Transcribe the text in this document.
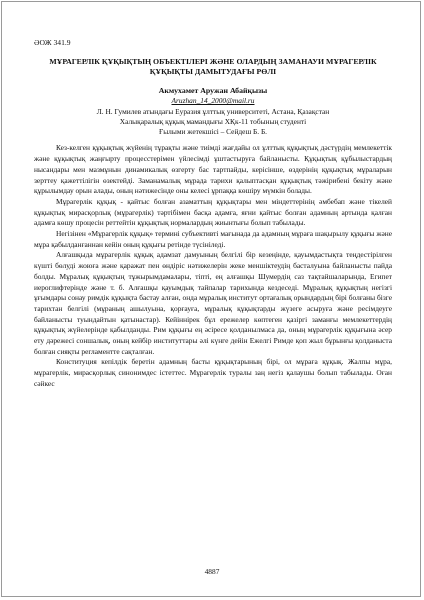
ӘОЖ 341.9
МҰРАГЕРЛІК ҚҰҚЫҚТЫҢ ОБЪЕКТІЛЕРІ ЖӘНЕ ОЛАРДЫҢ ЗАМАНАУИ МҰРАГЕРЛІК ҚҰҚЫҚТЫ ДАМЫТУДАҒЫ РӨЛІ
Акмухамет Аружан Абайқызы
Aruzhan_14_2000@mail.ru
Л. Н. Гумилев атындағы Еуразия ұлттық университеті, Астана, Қазақстан
Халықаралық құқық мамандығы ХҚк-11 тобының студенті
Ғылыми жетекшісі – Сейдеш Б. Б.

Кез-келген құқықтық жүйенің тұрақты және тиімді жағдайы ол ұлттық құқықтық дәстүрдің мемлекеттік және құқықтық жаңғырту процесстерімен үйлесімді ұштастыруға байланысты. Құқықтық құбылыстардың нысандары мен мазмұнын динамикалық өзгерту бас тартпайды, керісінше, өздерінің құқықтық мұраларын зерттеу қажеттілігін өзектейді. Заманамалық мұрада тарихи қалыптасқан құқықтық тәжірибені бекіту және құрылымдау орын алады, оның нәтижесінде оны келесі ұрпаққа көшіру мүмкін болады.

Мұрагерлік құқық - қайтыс болған азаматтың құқықтары мен міндеттерінің әмбебап және тікелей құқықтық мирасқорлық (мұрагерлік) тәртібімен басқа адамға, яғни қайтыс болған адамның артында қалған адамға көшу процесін реттейтін құқықтық нормалардың жиынтығы болып табылады.

Негізінен «Мұрагерлік құқық» термині субъективті мағынада да адамның мұраға шақырылу құқығы және мұра қабылданғаннан кейін оның құқығы ретінде түсініледі.

Алғашқыда мұрагерлік құқық адамзат дамуының белгілі бір кезеңінде, қауымдастықта теңдестірілген күшті бөлуді жоюға және қаражат пен өндіріс нәтижелерін жеке меншіктеудің басталуына байланысты пайда болды. Мұралық құқықтың тұжырымдамалары, тіпті, ең алғашқы Шумердің саз тақтайшаларында, Египет иероглифтерінде және т. б. Алғашқы қауымдық тайпалар тарихында кездеседі. Мұралық құқықтың негізгі ұғымдары сонау римдік құқықта бастау алған, онда мұралық институт ортағалық орындардың бірі болғаны бізге тарихтан белгілі (мұраның ашылуына, қорғауға, мұралық құқықтарды жүзеге асыруға және ресімдеуге байланысты туындайтын қатынастар). Кейіннірек бұл ережелер көптеген қазіргі заманғы мемлекеттердің құқықтық жүйелерінде қабылданды. Рим құқығы ең әсіресе қолданылмаса да, оның мұрагерлік құқығына әсер ету дәрежесі соншалық, оның кейбір институттары әлі күнге дейін Ежелгі Римде қоп жыл бұрынғы қолданыста болған сияқты регламентте сақталған.

Конституция кепілдік беретін адамның басты құқықтарының бірі, ол мұраға құқық. Жалпы мұра, мұрагерлік, мирасқорлық синонимдес істеттес. Мұрагерлік туралы заң негіз қалаушы болып табылады. Оған сәйкес

4887
